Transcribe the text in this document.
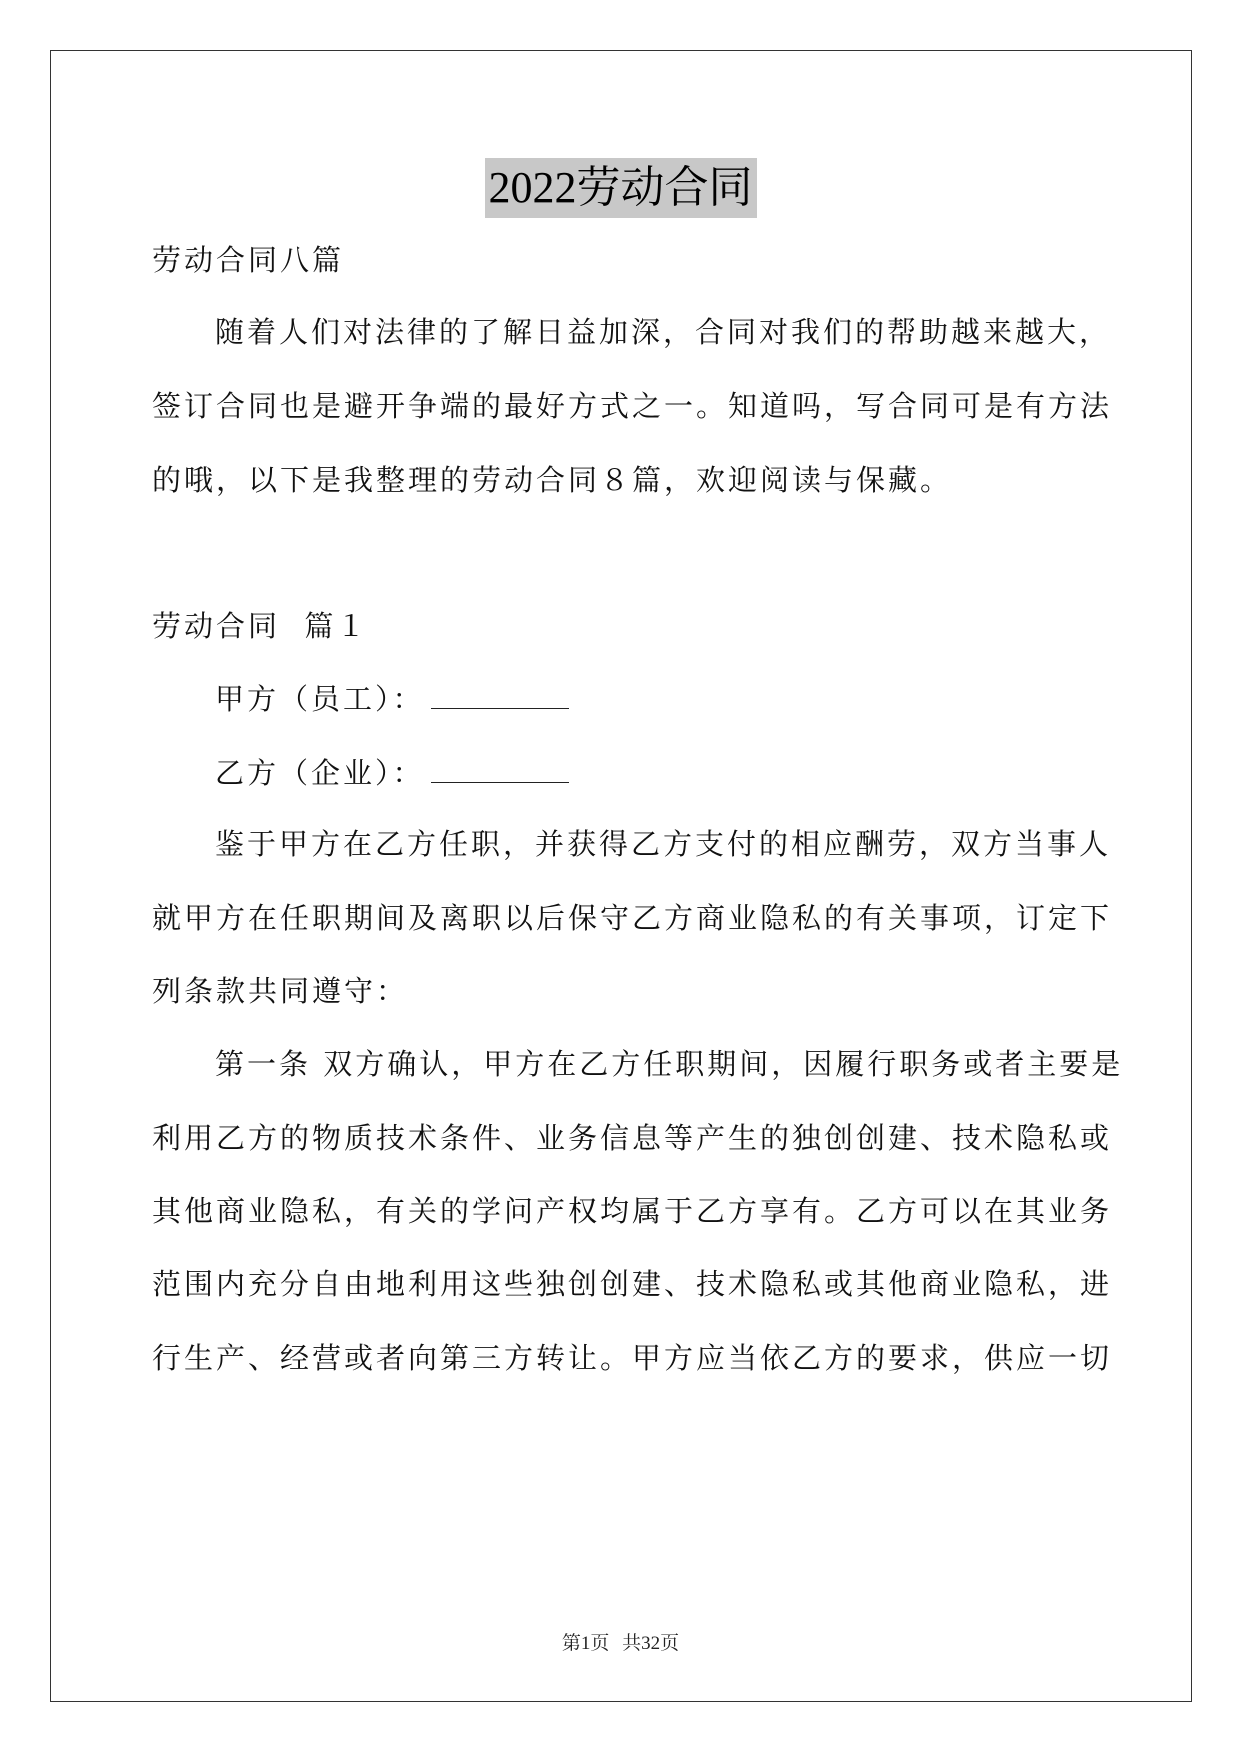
2022劳动合同
劳动合同八篇
随着人们对法律的了解日益加深，合同对我们的帮助越来越大，
签订合同也是避开争端的最好方式之一。知道吗，写合同可是有方法
的哦，以下是我整理的劳动合同８篇，欢迎阅读与保藏。
劳动合同  篇１
甲方（员工）：
乙方（企业）：
鉴于甲方在乙方任职，并获得乙方支付的相应酬劳，双方当事人
就甲方在任职期间及离职以后保守乙方商业隐私的有关事项，订定下
列条款共同遵守：
第一条 双方确认，甲方在乙方任职期间，因履行职务或者主要是
利用乙方的物质技术条件、业务信息等产生的独创创建、技术隐私或
其他商业隐私，有关的学问产权均属于乙方享有。乙方可以在其业务
范围内充分自由地利用这些独创创建、技术隐私或其他商业隐私，进
行生产、经营或者向第三方转让。甲方应当依乙方的要求，供应一切
第1页 共32页
